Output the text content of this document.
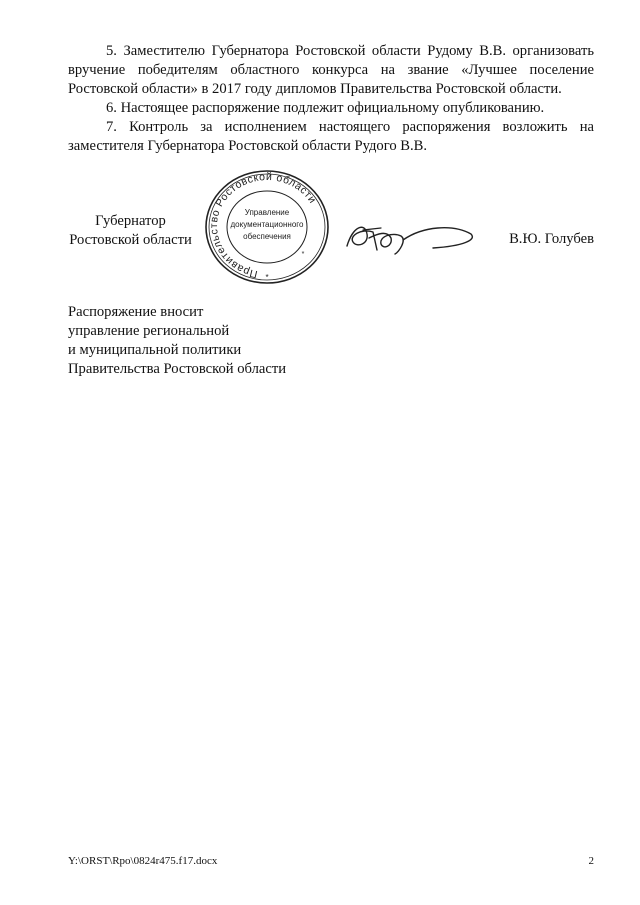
5. Заместителю Губернатора Ростовской области Рудому В.В. организовать вручение победителям областного конкурса на звание «Лучшее поселение Ростовской области» в 2017 году дипломов Правительства Ростовской области.

6. Настоящее распоряжение подлежит официальному опубликованию.

7. Контроль за исполнением настоящего распоряжения возложить на заместителя Губернатора Ростовской области Рудого В.В.

Губернатор
Ростовской области
Правительство Ростовской области
Управление
документационного
обеспечения
*
*
В.Ю. Голубев
Распоряжение вносит
управление региональной
и муниципальной политики
Правительства Ростовской области
Y:\ORST\Rpo\0824r475.f17.docx	2
